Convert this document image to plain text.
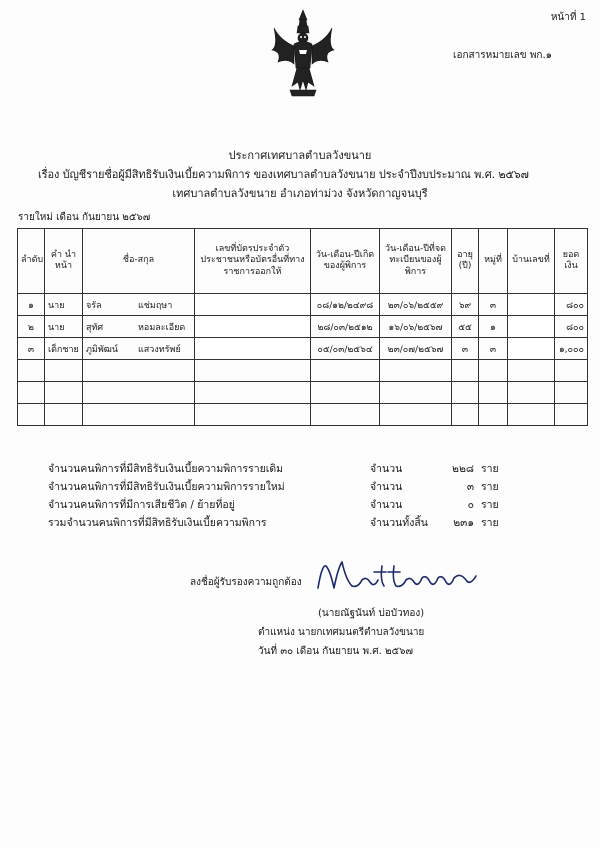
หน้าที่ 1
เอกสารหมายเลข พก.๑
ประกาศเทศบาลตำบลวังขนาย
เรื่อง บัญชีรายชื่อผู้มีสิทธิรับเงินเบี้ยความพิการ ของเทศบาลตำบลวังขนาย ประจำปีงบประมาณ พ.ศ. ๒๕๖๗
เทศบาลตำบลวังขนาย อำเภอท่าม่วง จังหวัดกาญจนบุรี
รายใหม่ เดือน กันยายน ๒๕๖๗
ลำดับ	คำ นำหน้า	ชื่อ-สกุล	เลขที่บัตรประจำตัวประชาชนหรือบัตรอื่นที่ทางราชการออกให้	วัน-เดือน-ปีเกิด ของผู้พิการ	วัน-เดือน-ปีที่จดทะเบียนของผู้พิการ	อายุ (ปี)	หมู่ที่	บ้านเลขที่	ยอดเงิน
๑	นาย	จรัล แช่มฤษา		๐๘/๑๒/๒๔๙๘	๒๓/๐๖/๒๕๕๙	๖๙	๓		๘๐๐
๒	นาย	สุทัศ หอมละเอียด		๒๘/๐๓/๒๕๑๒	๑๖/๐๖/๒๕๖๗	๕๕	๑		๘๐๐
๓	เด็กชาย	ภูมิพัฒน์ แสวงทรัพย์		๐๕/๐๓/๒๕๖๔	๒๓/๐๗/๒๕๖๗	๓	๓		๑,๐๐๐

จำนวนคนพิการที่มีสิทธิรับเงินเบี้ยความพิการรายเดิม	จำนวน	๒๒๘ ราย
จำนวนคนพิการที่มีสิทธิรับเงินเบี้ยความพิการรายใหม่	จำนวน	๓ ราย
จำนวนคนพิการที่มีการเสียชีวิต / ย้ายที่อยู่	จำนวน	๐ ราย
รวมจำนวนคนพิการที่มีสิทธิรับเงินเบี้ยความพิการ	จำนวนทั้งสิ้น	๒๓๑ ราย
ลงชื่อผู้รับรองความถูกต้อง
(นายณัฐนันท์ บ่อบัวทอง)
ตำแหน่ง นายกเทศมนตรีตำบลวังขนาย
วันที่ ๓๐ เดือน กันยายน พ.ศ. ๒๕๖๗
